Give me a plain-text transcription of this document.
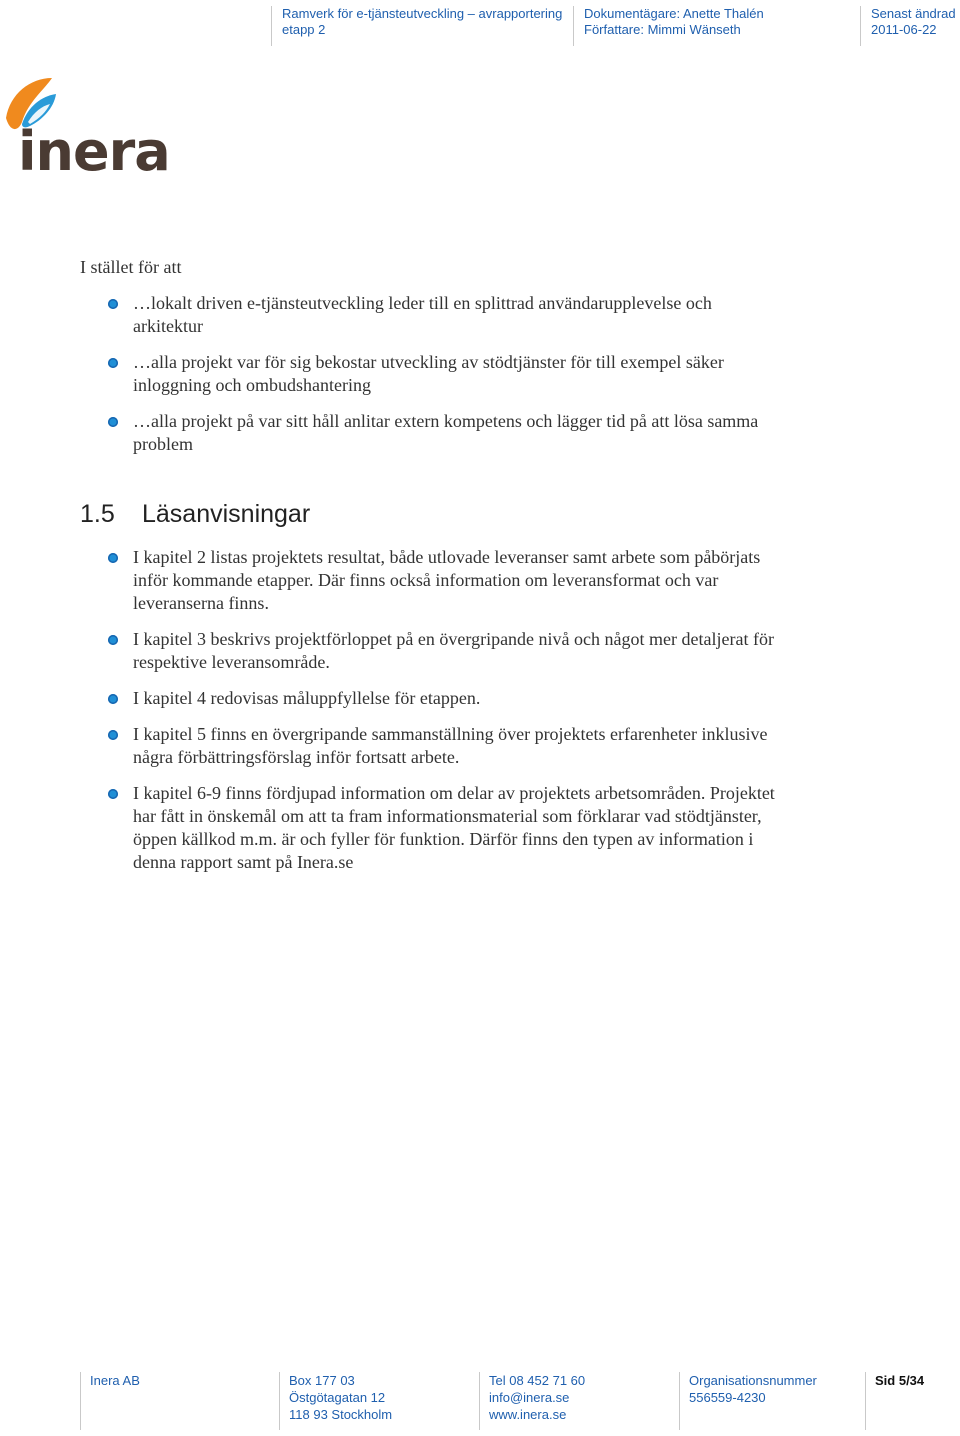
Ramverk för e-tjänsteutveckling – avrapportering
etapp 2
Dokumentägare: Anette Thalén
Författare: Mimmi Wänseth
Senast ändrad
2011-06-22
inera
I stället för att
…lokalt driven e-tjänsteutveckling leder till en splittrad användarupplevelse och
arkitektur
…alla projekt var för sig bekostar utveckling av stödtjänster för till exempel säker
inloggning och ombudshantering
…alla projekt på var sitt håll anlitar extern kompetens och lägger tid på att lösa samma
problem
1.5 Läsanvisningar
I kapitel 2 listas projektets resultat, både utlovade leveranser samt arbete som påbörjats
inför kommande etapper. Där finns också information om leveransformat och var
leveranserna finns.
I kapitel 3 beskrivs projektförloppet på en övergripande nivå och något mer detaljerat för
respektive leveransområde.
I kapitel 4 redovisas måluppfyllelse för etappen.
I kapitel 5 finns en övergripande sammanställning över projektets erfarenheter inklusive
några förbättringsförslag inför fortsatt arbete.
I kapitel 6-9 finns fördjupad information om delar av projektets arbetsområden. Projektet
har fått in önskemål om att ta fram informationsmaterial som förklarar vad stödtjänster,
öppen källkod m.m. är och fyller för funktion. Därför finns den typen av information i
denna rapport samt på Inera.se
Inera AB	Box 177 03
Östgötagatan 12
118 93 Stockholm
Tel 08 452 71 60
info@inera.se
www.inera.se
Organisationsnummer
556559-4230
Sid 5/34
